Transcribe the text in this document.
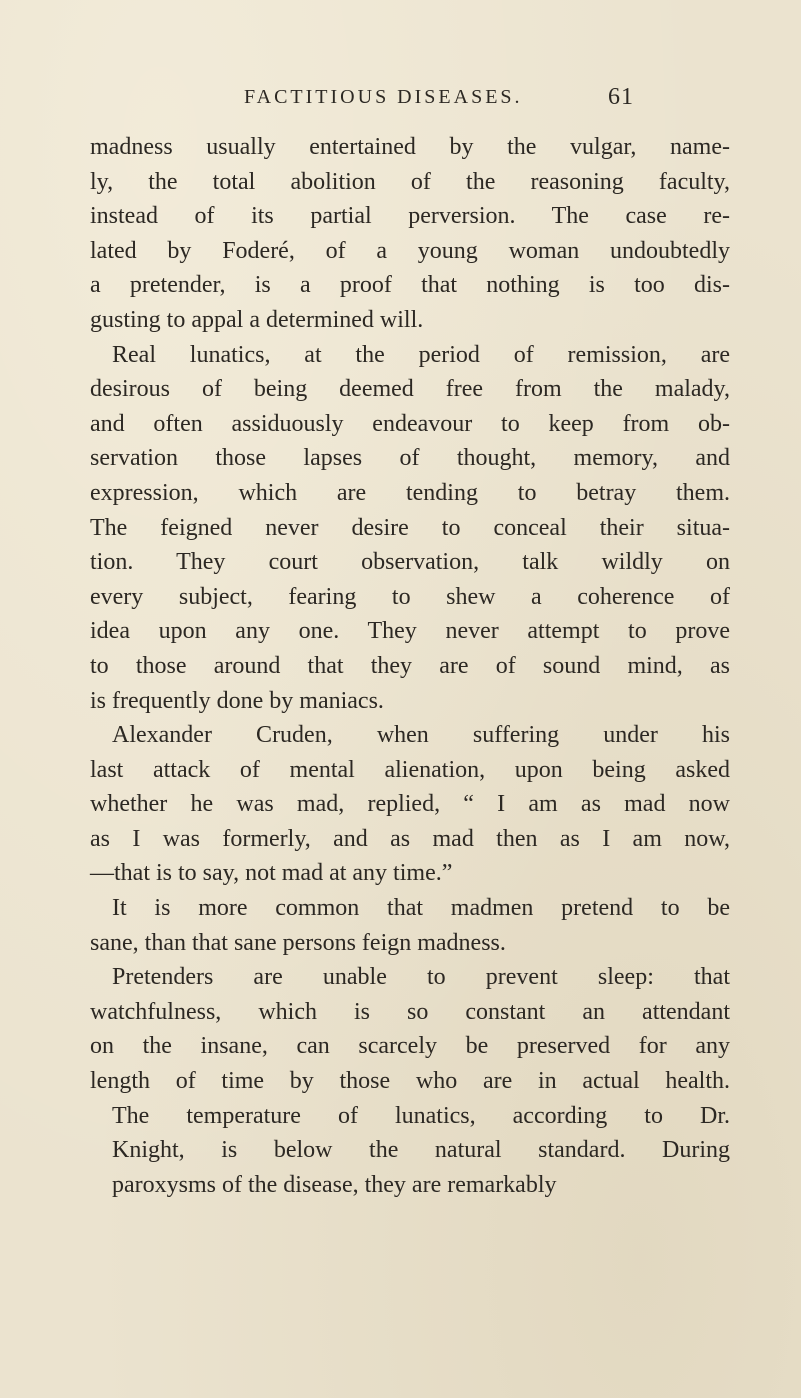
FACTITIOUS DISEASES.	61
madness usually entertained by the vulgar, name-
ly, the total abolition of the reasoning faculty,
instead of its partial perversion. The case re-
lated by Foderé, of a young woman undoubtedly
a pretender, is a proof that nothing is too dis-
gusting to appal a determined will.
Real lunatics, at the period of remission, are
desirous of being deemed free from the malady,
and often assiduously endeavour to keep from ob-
servation those lapses of thought, memory, and
expression, which are tending to betray them.
The feigned never desire to conceal their situa-
tion. They court observation, talk wildly on
every subject, fearing to shew a coherence of
idea upon any one. They never attempt to prove
to those around that they are of sound mind, as
is frequently done by maniacs.
Alexander Cruden, when suffering under his
last attack of mental alienation, upon being asked
whether he was mad, replied, “ I am as mad now
as I was formerly, and as mad then as I am now,
—that is to say, not mad at any time.”
It is more common that madmen pretend to be
sane, than that sane persons feign madness.
Pretenders are unable to prevent sleep: that
watchfulness, which is so constant an attendant
on the insane, can scarcely be preserved for any
length of time by those who are in actual health.
The temperature of lunatics, according to Dr.
Knight, is below the natural standard. During
paroxysms of the disease, they are remarkably
